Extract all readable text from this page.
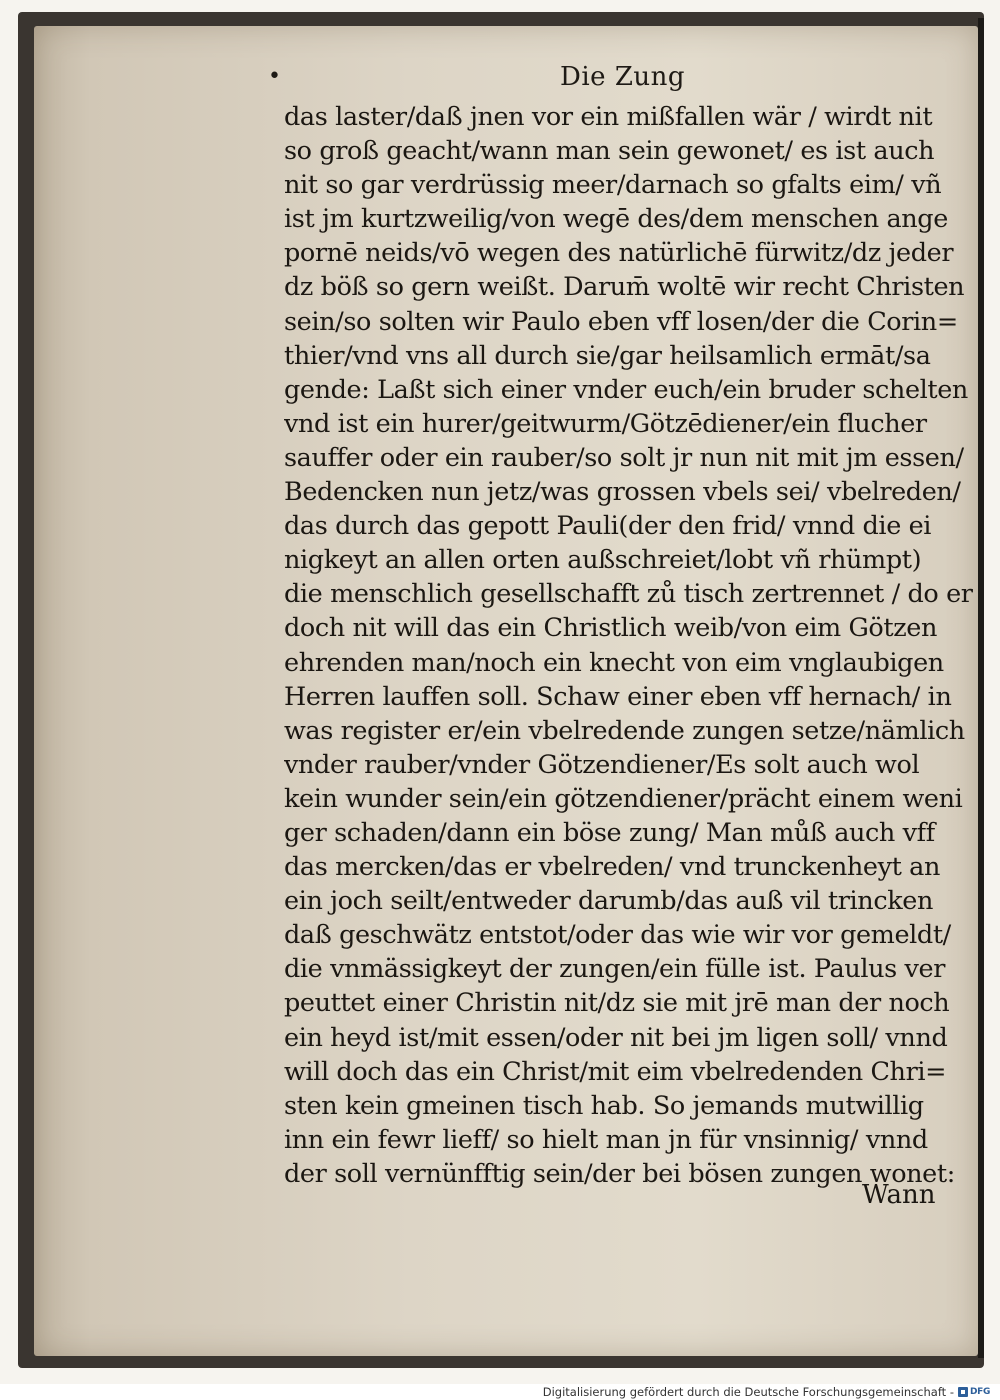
•	Die Zung
das laster/daß jnen vor ein mißfallen wär / wirdt nit
so groß geacht/wann man sein gewonet/ es ist auch
nit so gar verdrüssig meer/darnach so gfalts eim/ vñ
ist jm kurtzweilig/von wegē des/dem menschen ange
pornē neids/vō wegen des natürlichē fürwitz/dz jeder
dz böß so gern weißt. Darum̄ woltē wir recht Christen
sein/so solten wir Paulo eben vff losen/der die Corin=
thier/vnd vns all durch sie/gar heilsamlich ermāt/sa
gende: Laßt sich einer vnder euch/ein bruder schelten
vnd ist ein hurer/geitwurm/Götzēdiener/ein flucher
sauffer oder ein rauber/so solt jr nun nit mit jm essen/
Bedencken nun jetz/was grossen vbels sei/ vbelreden/
das durch das gepott Pauli(der den frid/ vnnd die ei
nigkeyt an allen orten außschreiet/lobt vñ rhümpt)
die menschlich gesellschafft zů tisch zertrennet / do er
doch nit will das ein Christlich weib/von eim Götzen
ehrenden man/noch ein knecht von eim vnglaubigen
Herren lauffen soll. Schaw einer eben vff hernach/ in
was register er/ein vbelredende zungen setze/nämlich
vnder rauber/vnder Götzendiener/Es solt auch wol
kein wunder sein/ein götzendiener/prächt einem weni
ger schaden/dann ein böse zung/ Man můß auch vff
das mercken/das er vbelreden/ vnd trunckenheyt an
ein joch seilt/entweder darumb/das auß vil trincken
daß geschwätz entstot/oder das wie wir vor gemeldt/
die vnmässigkeyt der zungen/ein fülle ist. Paulus ver
peuttet einer Christin nit/dz sie mit jrē man der noch
ein heyd ist/mit essen/oder nit bei jm ligen soll/ vnnd
will doch das ein Christ/mit eim vbelredenden Chri=
sten kein gmeinen tisch hab. So jemands mutwillig
inn ein fewr lieff/ so hielt man jn für vnsinnig/ vnnd
der soll vernünfftig sein/der bei bösen zungen wonet:
Wann
Digitalisierung gefördert durch die Deutsche Forschungsgemeinschaft - DFG
